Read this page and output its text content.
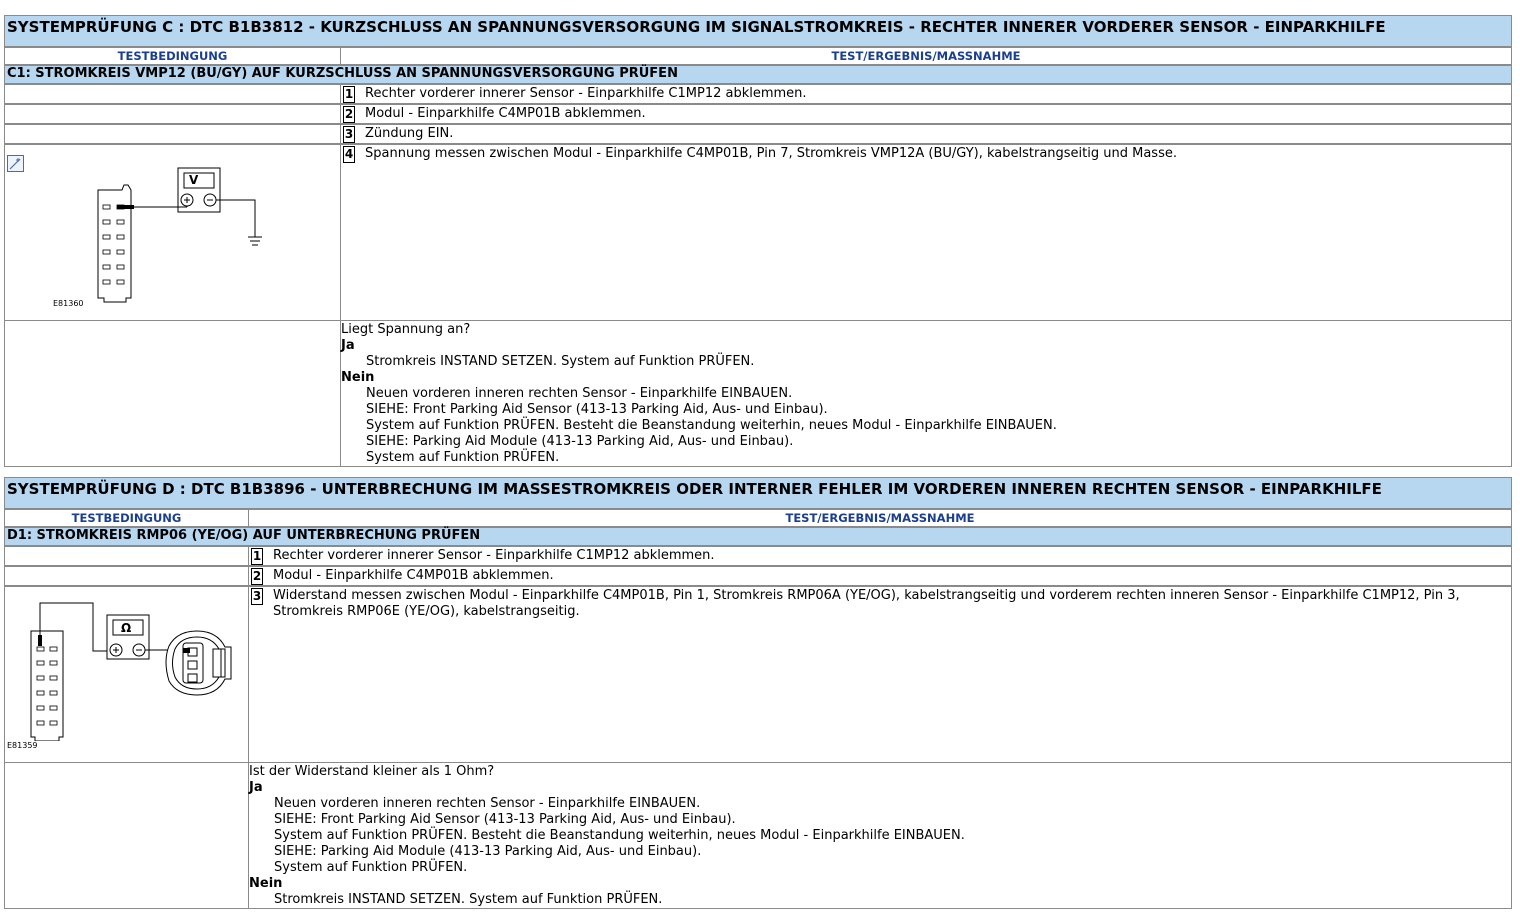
SYSTEMPRÜFUNG C : DTC B1B3812 - KURZSCHLUSS AN SPANNUNGSVERSORGUNG IM SIGNALSTROMKREIS - RECHTER INNERER VORDERER SENSOR - EINPARKHILFE
TESTBEDINGUNG	TEST/ERGEBNIS/MASSNAHME
C1: STROMKREIS VMP12 (BU/GY) AUF KURZSCHLUSS AN SPANNUNGSVERSORGUNG PRÜFEN
1 Rechter vorderer innerer Sensor - Einparkhilfe C1MP12 abklemmen.
2 Modul - Einparkhilfe C4MP01B abklemmen.
3 Zündung EIN.
V
E81360
4 Spannung messen zwischen Modul - Einparkhilfe C4MP01B, Pin 7, Stromkreis VMP12A (BU/GY), kabelstrangseitig und Masse.
Liegt Spannung an?
Ja
Stromkreis INSTAND SETZEN. System auf Funktion PRÜFEN.
Nein
Neuen vorderen inneren rechten Sensor - Einparkhilfe EINBAUEN.
SIEHE: Front Parking Aid Sensor (413-13 Parking Aid, Aus- und Einbau).
System auf Funktion PRÜFEN. Besteht die Beanstandung weiterhin, neues Modul - Einparkhilfe EINBAUEN.
SIEHE: Parking Aid Module (413-13 Parking Aid, Aus- und Einbau).
System auf Funktion PRÜFEN.
SYSTEMPRÜFUNG D : DTC B1B3896 - UNTERBRECHUNG IM MASSESTROMKREIS ODER INTERNER FEHLER IM VORDEREN INNEREN RECHTEN SENSOR - EINPARKHILFE
TESTBEDINGUNG	TEST/ERGEBNIS/MASSNAHME
D1: STROMKREIS RMP06 (YE/OG) AUF UNTERBRECHUNG PRÜFEN
1 Rechter vorderer innerer Sensor - Einparkhilfe C1MP12 abklemmen.
2 Modul - Einparkhilfe C4MP01B abklemmen.
Ω
E81359
3 Widerstand messen zwischen Modul - Einparkhilfe C4MP01B, Pin 1, Stromkreis RMP06A (YE/OG), kabelstrangseitig und vorderem rechten inneren Sensor - Einparkhilfe C1MP12, Pin 3, Stromkreis RMP06E (YE/OG), kabelstrangseitig.
Ist der Widerstand kleiner als 1 Ohm?
Ja
Neuen vorderen inneren rechten Sensor - Einparkhilfe EINBAUEN.
SIEHE: Front Parking Aid Sensor (413-13 Parking Aid, Aus- und Einbau).
System auf Funktion PRÜFEN. Besteht die Beanstandung weiterhin, neues Modul - Einparkhilfe EINBAUEN.
SIEHE: Parking Aid Module (413-13 Parking Aid, Aus- und Einbau).
System auf Funktion PRÜFEN.
Nein
Stromkreis INSTAND SETZEN. System auf Funktion PRÜFEN.
